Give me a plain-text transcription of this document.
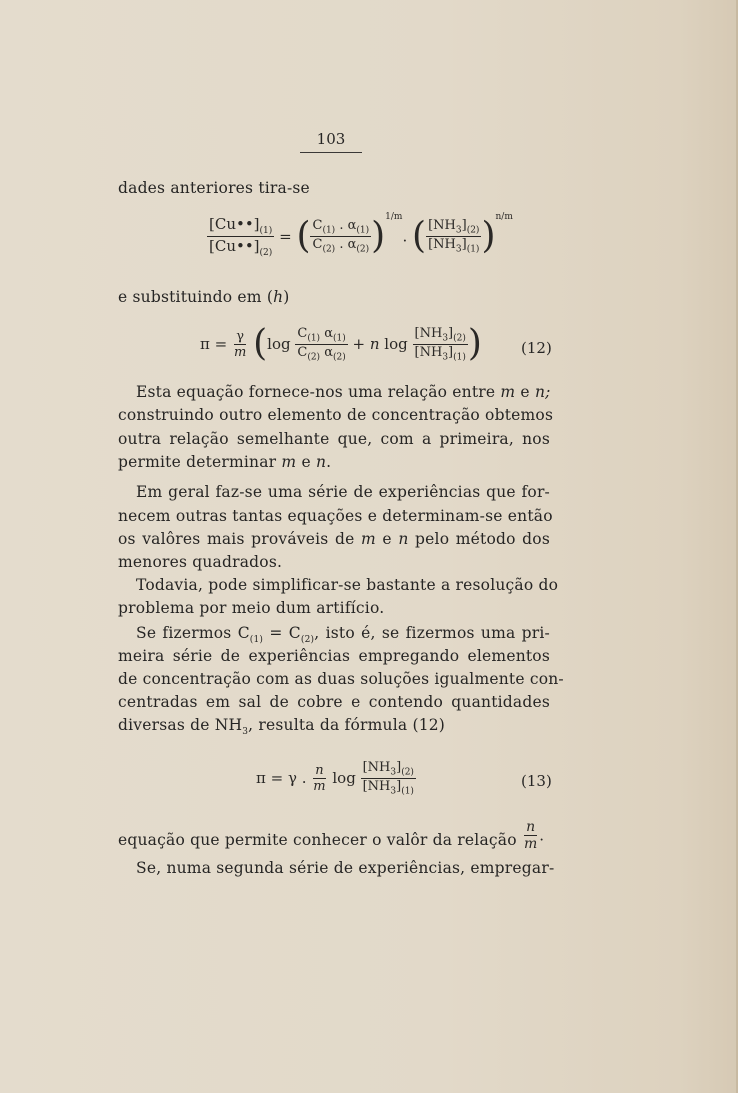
103
dades anteriores tira-se
$\frac{[Cu••]_{(1)}}{[Cu••]_{(2)}}$ = ( $\frac{C_{(1)} . \alpha_{(1)}}{C_{(2)} . \alpha_{(2)}} )^{1/m}$. ( $\frac{[NH_3]_{(2)}}{[NH_3]_{(1)}} )^{n/m}$
e substituindo em (h)
$\pi = \frac{\gamma}{m} (\log \frac{C_{(1)} \alpha_{(1)}}{C_{(2)} \alpha_{(2)}} + n$ $\log \frac{[NH_3]_{(2)}}{[NH_3]_{(1)}}$ )	(12)
Esta equação fornece-nos uma relação entre m e n;
construindo outro elemento de concentração obtemos
outra relação semelhante que, com a primeira, nos
permite determinar m e n.
Em geral faz-se uma série de experiências que for-
necem outras tantas equações e determinam-se então
os valôres mais prováveis de m e n pelo método dos
menores quadrados.
Todavia, pode simplificar-se bastante a resolução do
problema por meio dum artifício.
Se fizermos $C_{(1)} = C_{(2)}$, isto é, se fizermos uma pri-
meira série de experiências empregando elementos
de concentração com as duas soluções igualmente con-
centradas em sal de cobre e contendo quantidades
diversas de $NH_3$, resulta da fórmula (12)
π = γ . $\frac{n}{m}$ $\log \frac{[NH_3]_{(2)}}{[NH_3]_{(1)}}$	(13)
equação que permite conhecer o valôr da relação $\frac{n}{m}$ .
Se, numa segunda série de experiências, empregar-
